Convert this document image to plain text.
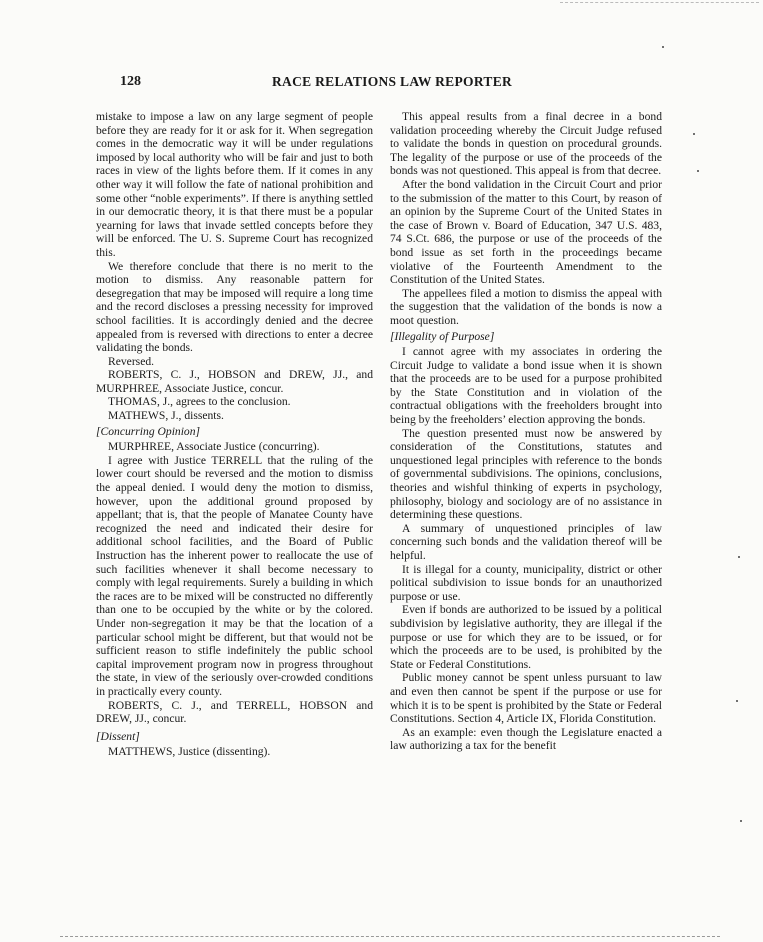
128	RACE RELATIONS LAW REPORTER

mistake to impose a law on any large segment of people before they are ready for it or ask for it. When segregation comes in the democratic way it will be under regulations imposed by local authority who will be fair and just to both races in view of the lights before them. If it comes in any other way it will follow the fate of national prohibition and some other “noble experiments”. If there is anything settled in our democratic theory, it is that there must be a popular yearning for laws that invade settled concepts before they will be enforced. The U. S. Supreme Court has recognized this.

We therefore conclude that there is no merit to the motion to dismiss. Any reasonable pattern for desegregation that may be imposed will require a long time and the record discloses a pressing necessity for improved school facilities. It is accordingly denied and the decree appealed from is reversed with directions to enter a decree validating the bonds.

Reversed.

ROBERTS, C. J., HOBSON and DREW, JJ., and MURPHREE, Associate Justice, concur.

THOMAS, J., agrees to the conclusion.

MATHEWS, J., dissents.

[Concurring Opinion]

MURPHREE, Associate Justice (concurring).

I agree with Justice TERRELL that the ruling of the lower court should be reversed and the motion to dismiss the appeal denied. I would deny the motion to dismiss, however, upon the additional ground proposed by appellant; that is, that the people of Manatee County have recognized the need and indicated their desire for additional school facilities, and the Board of Public Instruction has the inherent power to reallocate the use of such facilities whenever it shall become necessary to comply with legal requirements. Surely a building in which the races are to be mixed will be constructed no differently than one to be occupied by the white or by the colored. Under non-segregation it may be that the location of a particular school might be different, but that would not be sufficient reason to stifle indefinitely the public school capital improvement program now in progress throughout the state, in view of the seriously over-crowded conditions in practically every county.

ROBERTS, C. J., and TERRELL, HOBSON and DREW, JJ., concur.

[Dissent]

MATTHEWS, Justice (dissenting).

This appeal results from a final decree in a bond validation proceeding whereby the Circuit Judge refused to validate the bonds in question on procedural grounds. The legality of the purpose or use of the proceeds of the bonds was not questioned. This appeal is from that decree.

After the bond validation in the Circuit Court and prior to the submission of the matter to this Court, by reason of an opinion by the Supreme Court of the United States in the case of Brown v. Board of Education, 347 U.S. 483, 74 S.Ct. 686, the purpose or use of the proceeds of the bond issue as set forth in the proceedings became violative of the Fourteenth Amendment to the Constitution of the United States.

The appellees filed a motion to dismiss the appeal with the suggestion that the validation of the bonds is now a moot question.

[Illegality of Purpose]

I cannot agree with my associates in ordering the Circuit Judge to validate a bond issue when it is shown that the proceeds are to be used for a purpose prohibited by the State Constitution and in violation of the contractual obligations with the freeholders brought into being by the freeholders’ election approving the bonds.

The question presented must now be answered by consideration of the Constitutions, statutes and unquestioned legal principles with reference to the bonds of governmental subdivisions. The opinions, conclusions, theories and wishful thinking of experts in psychology, philosophy, biology and sociology are of no assistance in determining these questions.

A summary of unquestioned principles of law concerning such bonds and the validation thereof will be helpful.

It is illegal for a county, municipality, district or other political subdivision to issue bonds for an unauthorized purpose or use.

Even if bonds are authorized to be issued by a political subdivision by legislative authority, they are illegal if the purpose or use for which they are to be issued, or for which the proceeds are to be used, is prohibited by the State or Federal Constitutions.

Public money cannot be spent unless pursuant to law and even then cannot be spent if the purpose or use for which it is to be spent is prohibited by the State or Federal Constitutions. Section 4, Article IX, Florida Constitution.

As an example: even though the Legislature enacted a law authorizing a tax for the benefit
